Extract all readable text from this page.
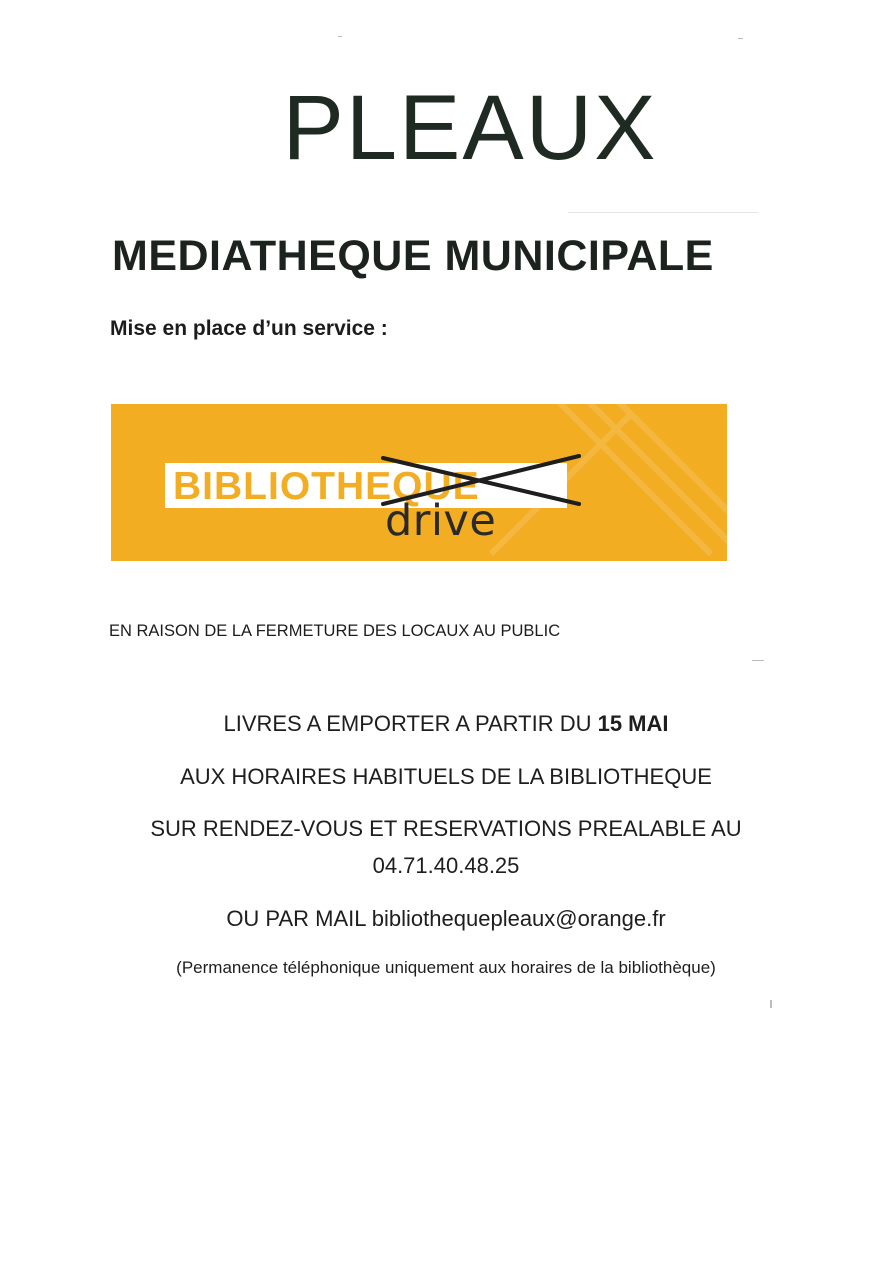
PLEAUX
MEDIATHEQUE MUNICIPALE
Mise en place d’un service :
BIBLIOTHEQUE
drive
EN RAISON DE LA FERMETURE DES LOCAUX AU PUBLIC
LIVRES A EMPORTER A PARTIR DU 15 MAI
AUX HORAIRES HABITUELS DE LA BIBLIOTHEQUE
SUR RENDEZ-VOUS ET RESERVATIONS PREALABLE AU
04.71.40.48.25
OU PAR MAIL bibliothequepleaux@orange.fr
(Permanence téléphonique uniquement aux horaires de la bibliothèque)
